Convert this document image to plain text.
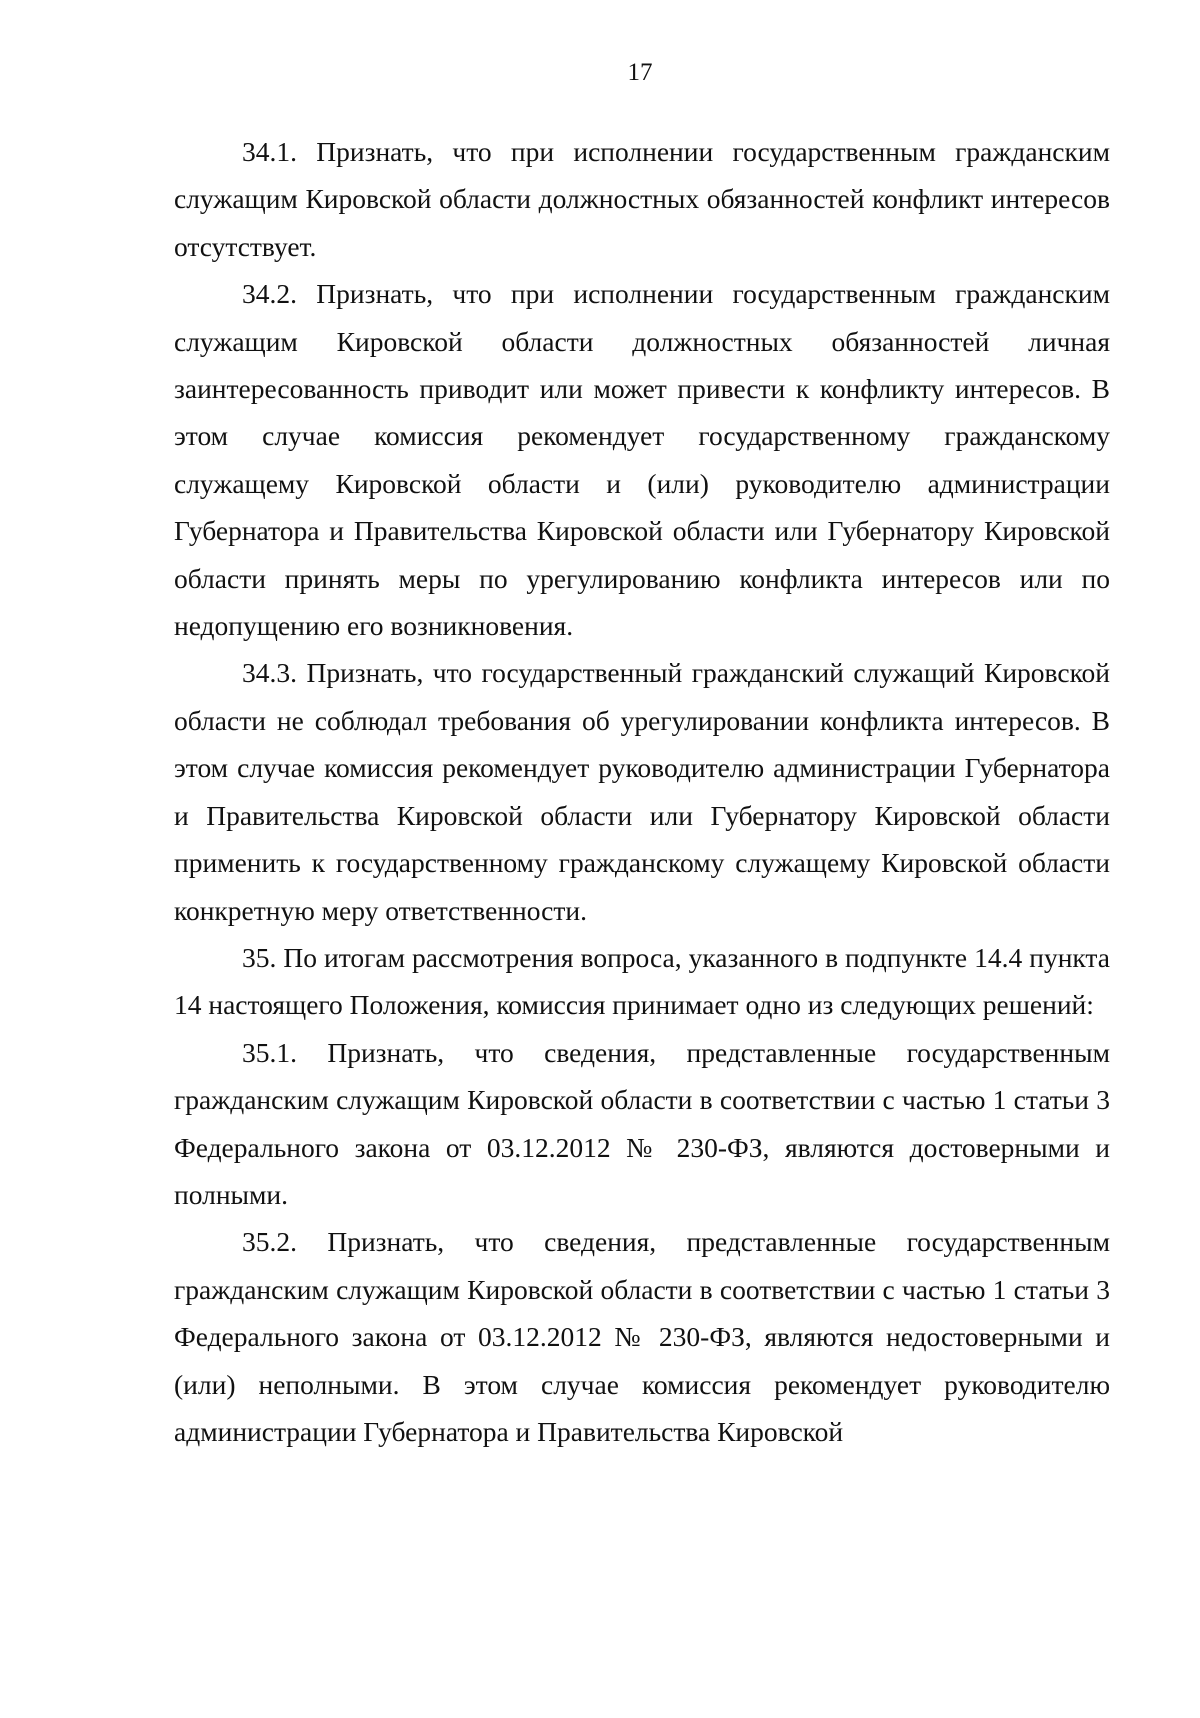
17

34.1. Признать, что при исполнении государственным гражданским служащим Кировской области должностных обязанностей конфликт интересов отсутствует.

34.2. Признать, что при исполнении государственным гражданским служащим Кировской области должностных обязанностей личная заинтересованность приводит или может привести к конфликту интересов. В этом случае комиссия рекомендует государственному гражданскому служащему Кировской области и (или) руководителю администрации Губернатора и Правительства Кировской области или Губернатору Кировской области принять меры по урегулированию конфликта интересов или по недопущению его возникновения.

34.3. Признать, что государственный гражданский служащий Кировской области не соблюдал требования об урегулировании конфликта интересов. В этом случае комиссия рекомендует руководителю администрации Губернатора и Правительства Кировской области или Губернатору Кировской области применить к государственному гражданскому служащему Кировской области конкретную меру ответственности.

35. По итогам рассмотрения вопроса, указанного в подпункте 14.4 пункта 14 настоящего Положения, комиссия принимает одно из следующих решений:

35.1. Признать, что сведения, представленные государственным гражданским служащим Кировской области в соответствии с частью 1 статьи 3 Федерального закона от 03.12.2012 № 230-ФЗ, являются достоверными и полными.

35.2. Признать, что сведения, представленные государственным гражданским служащим Кировской области в соответствии с частью 1 статьи 3 Федерального закона от 03.12.2012 № 230-ФЗ, являются недостоверными и (или) неполными. В этом случае комиссия рекомендует руководителю администрации Губернатора и Правительства Кировской
